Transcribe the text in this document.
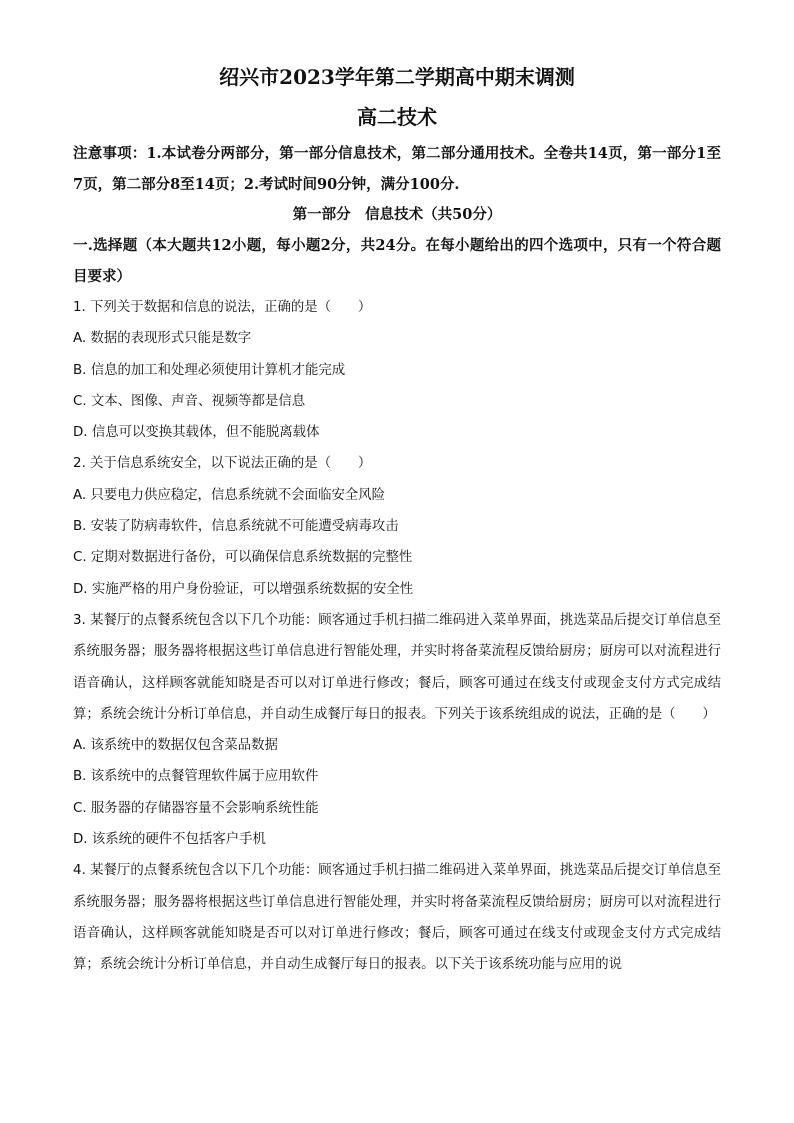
绍兴市2023学年第二学期高中期末调测
高二技术

注意事项：1.本试卷分两部分，第一部分信息技术，第二部分通用技术。全卷共14页，第一部分1至7页，第二部分8至14页；2.考试时间90分钟，满分100分.

第一部分　信息技术（共50分）

一.选择题（本大题共12小题，每小题2分，共24分。在每小题给出的四个选项中，只有一个符合题目要求）

1. 下列关于数据和信息的说法，正确的是（　　）

A. 数据的表现形式只能是数字

B. 信息的加工和处理必须使用计算机才能完成

C. 文本、图像、声音、视频等都是信息

D. 信息可以变换其载体，但不能脱离载体

2. 关于信息系统安全，以下说法正确的是（　　）

A. 只要电力供应稳定，信息系统就不会面临安全风险

B. 安装了防病毒软件，信息系统就不可能遭受病毒攻击

C. 定期对数据进行备份，可以确保信息系统数据的完整性

D. 实施严格的用户身份验证，可以增强系统数据的安全性

3. 某餐厅的点餐系统包含以下几个功能：顾客通过手机扫描二维码进入菜单界面，挑选菜品后提交订单信息至系统服务器；服务器将根据这些订单信息进行智能处理，并实时将备菜流程反馈给厨房；厨房可以对流程进行语音确认，这样顾客就能知晓是否可以对订单进行修改；餐后，顾客可通过在线支付或现金支付方式完成结算；系统会统计分析订单信息，并自动生成餐厅每日的报表。下列关于该系统组成的说法，正确的是（　　）

A. 该系统中的数据仅包含菜品数据

B. 该系统中的点餐管理软件属于应用软件

C. 服务器的存储器容量不会影响系统性能

D. 该系统的硬件不包括客户手机

4. 某餐厅的点餐系统包含以下几个功能：顾客通过手机扫描二维码进入菜单界面，挑选菜品后提交订单信息至系统服务器；服务器将根据这些订单信息进行智能处理，并实时将备菜流程反馈给厨房；厨房可以对流程进行语音确认，这样顾客就能知晓是否可以对订单进行修改；餐后，顾客可通过在线支付或现金支付方式完成结算；系统会统计分析订单信息，并自动生成餐厅每日的报表。以下关于该系统功能与应用的说
